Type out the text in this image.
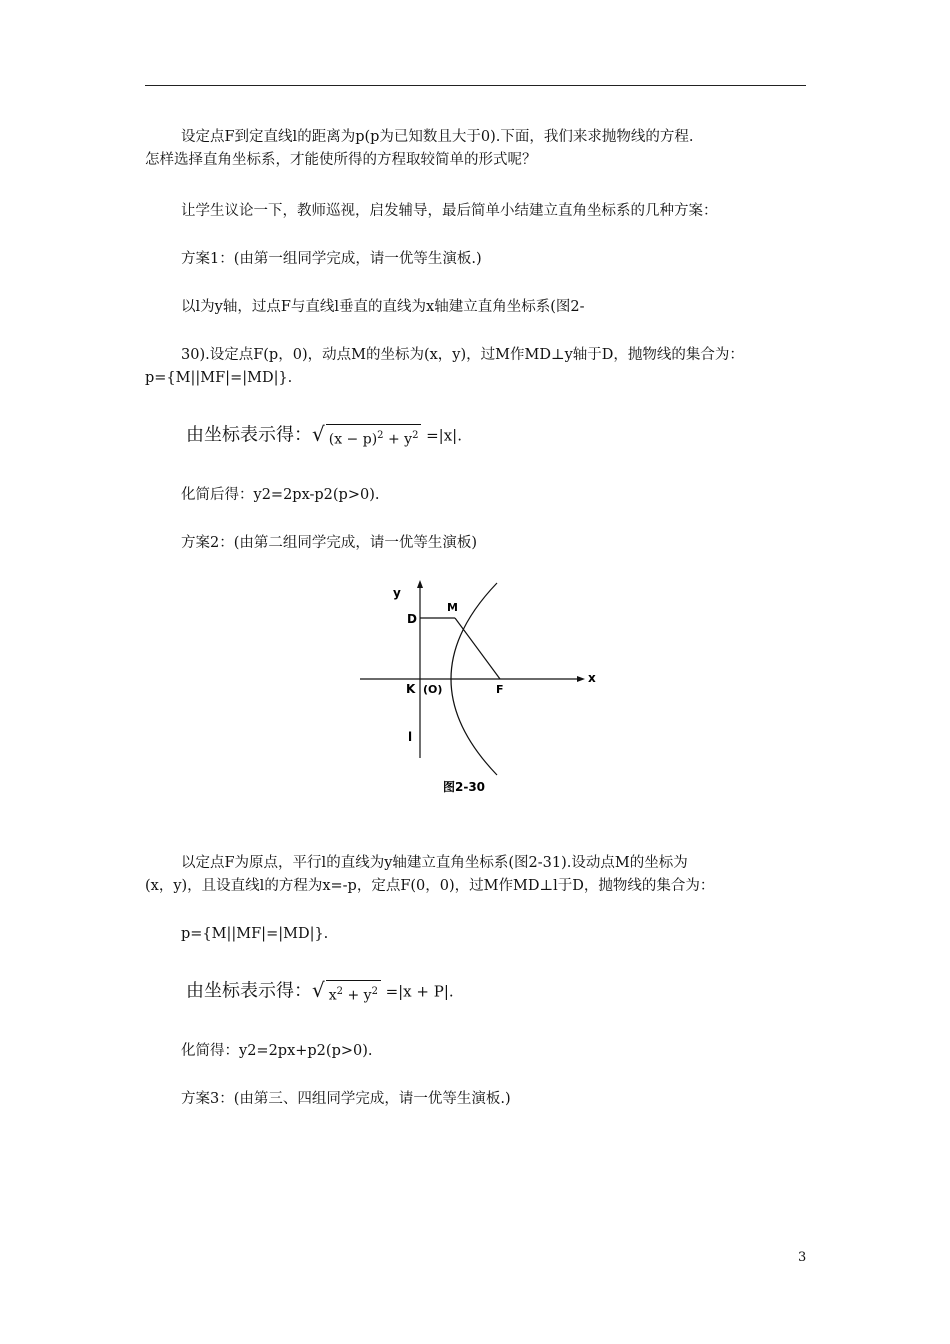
设定点F到定直线l的距离为p(p为已知数且大于0).下面，我们来求抛物线的方程.
怎样选择直角坐标系，才能使所得的方程取较简单的形式呢？
让学生议论一下，教师巡视，启发辅导，最后简单小结建立直角坐标系的几种方案：
方案1：(由第一组同学完成，请一优等生演板.)
以l为y轴，过点F与直线l垂直的直线为x轴建立直角坐标系(图2-
30).设定点F(p，0)，动点M的坐标为(x，y)，过M作MD⊥y轴于D，抛物线的集合为：
p={M||MF|=|MD|}.
由坐标表示得： √ $(x - p)^2 + y^2 =|x|$.
化简后得：y2=2px-p2(p>0).
方案2：(由第二组同学完成，请一优等生演板)
y
x
D
M
K (O)	F
l
图2-30
以定点F为原点，平行l的直线为y轴建立直角坐标系(图2-31).设动点M的坐标为
(x，y)，且设直线l的方程为x=-p，定点F(0，0)，过M作MD⊥l于D，抛物线的集合为：
p={M||MF|=|MD|}.
由坐标表示得： √ $x^2 + y^2 =|x + P|$.
化简得：y2=2px+p2(p>0).
方案3：(由第三、四组同学完成，请一优等生演板.)
3
